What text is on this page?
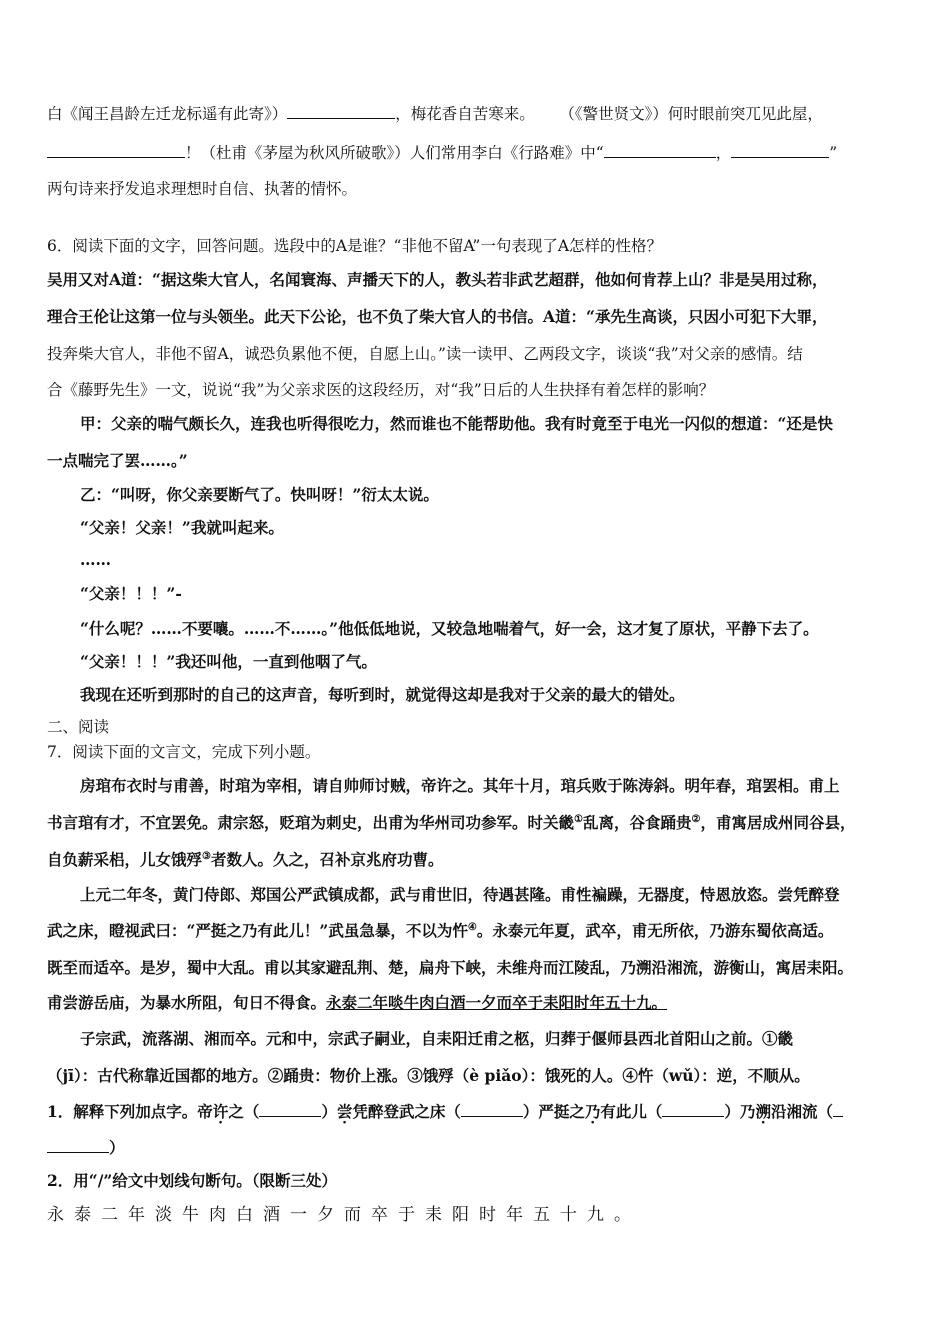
白《闻王昌龄左迁龙标遥有此寄》）	，梅花香自苦寒来。 （《警世贤文》）何时眼前突兀见此屋，
！（杜甫《茅屋为秋风所破歌》）人们常用李白《行路难》中“	，	”
两句诗来抒发追求理想时自信、执著的情怀。
6．阅读下面的文字，回答问题。选段中的A是谁？“非他不留A”一句表现了A怎样的性格？
吴用又对A道：“据这柴大官人，名闻寰海、声播天下的人，教头若非武艺超群，他如何肯荐上山？非是吴用过称，
理合王伦让这第一位与头领坐。此天下公论，也不负了柴大官人的书信。A道：“承先生高谈，只因小可犯下大罪，
投奔柴大官人，非他不留A，诚恐负累他不便，自愿上山。”读一读甲、乙两段文字，谈谈“我”对父亲的感情。结
合《藤野先生》一文，说说“我”为父亲求医的这段经历，对“我”日后的人生抉择有着怎样的影响？
甲：父亲的喘气颇长久，连我也听得很吃力，然而谁也不能帮助他。我有时竟至于电光一闪似的想道：“还是快
一点喘完了罢……。”
乙：“叫呀，你父亲要断气了。快叫呀！”衍太太说。
“父亲！父亲！”我就叫起来。
……
“父亲！！！”-
“什么呢？……不要嚷。……不……。”他低低地说，又较急地喘着气，好一会，这才复了原状，平静下去了。
“父亲！！！”我还叫他，一直到他咽了气。
我现在还听到那时的自己的这声音，每听到时，就觉得这却是我对于父亲的最大的错处。
二、阅读
7．阅读下面的文言文，完成下列小题。
房琯布衣时与甫善，时琯为宰相，请自帅师讨贼，帝许之。其年十月，琯兵败于陈涛斜。明年春，琯罢相。甫上
书言琯有才，不宜罢免。肃宗怒，贬琯为刺史，出甫为华州司功参军。时关畿①乱离，谷食踊贵②，甫寓居成州同谷县，
自负薪采梠，儿女饿殍③者数人。久之，召补京兆府功曹。
上元二年冬，黄门侍郎、郑国公严武镇成都，武与甫世旧，待遇甚隆。甫性褊躁，无器度，恃恩放恣。尝凭醉登
武之床，瞪视武曰：“严挺之乃有此儿！”武虽急暴，不以为忤④。永泰元年夏，武卒，甫无所依，乃游东蜀依高适。
既至而适卒。是岁，蜀中大乱。甫以其家避乱荆、楚，扁舟下峡，未维舟而江陵乱，乃溯沿湘流，游衡山，寓居耒阳。
甫尝游岳庙，为暴水所阻，旬日不得食。永泰二年啖牛肉白酒一夕而卒于耒阳时年五十九。
子宗武，流落湖、湘而卒。元和中，宗武子嗣业，自耒阳迁甫之柩，归葬于偃师县西北首阳山之前。①畿
（jī）：古代称靠近国都的地方。②踊贵：物价上涨。③饿殍（è piǎo）：饿死的人。④忤（wǔ）：逆，不顺从。
1．解释下列加点字。帝许之（	）尝凭醉登武之床（	）严挺之乃有此儿（	）乃溯沿湘流（
）
2．用“/”给文中划线句断句。（限断三处）
永泰二年淡牛肉白酒一夕而卒于耒阳时年五十九。
